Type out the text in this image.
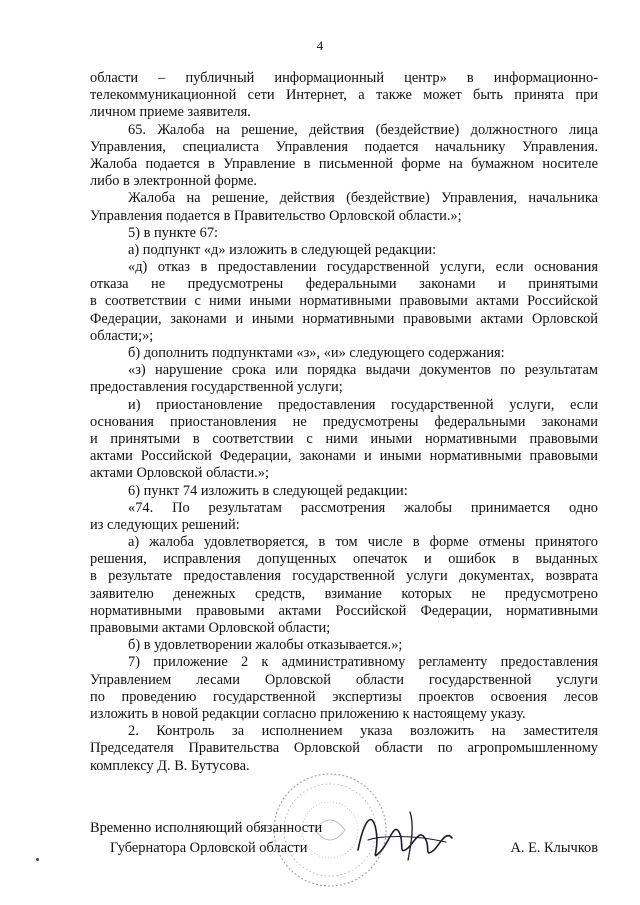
4
области – публичный информационный центр» в информационно-
телекоммуникационной сети Интернет, а также может быть принята при
личном приеме заявителя.
65. Жалоба на решение, действия (бездействие) должностного лица
Управления, специалиста Управления подается начальнику Управления.
Жалоба подается в Управление в письменной форме на бумажном носителе
либо в электронной форме.
Жалоба на решение, действия (бездействие) Управления, начальника
Управления подается в Правительство Орловской области.»;
5) в пункте 67:
а) подпункт «д» изложить в следующей редакции:
«д) отказ в предоставлении государственной услуги, если основания
отказа не предусмотрены федеральными законами и принятыми
в соответствии с ними иными нормативными правовыми актами Российской
Федерации, законами и иными нормативными правовыми актами Орловской
области;»;
б) дополнить подпунктами «з», «и» следующего содержания:
«з) нарушение срока или порядка выдачи документов по результатам
предоставления государственной услуги;
и) приостановление предоставления государственной услуги, если
основания приостановления не предусмотрены федеральными законами
и принятыми в соответствии с ними иными нормативными правовыми
актами Российской Федерации, законами и иными нормативными правовыми
актами Орловской области.»;
6) пункт 74 изложить в следующей редакции:
«74. По результатам рассмотрения жалобы принимается одно
из следующих решений:
а) жалоба удовлетворяется, в том числе в форме отмены принятого
решения, исправления допущенных опечаток и ошибок в выданных
в результате предоставления государственной услуги документах, возврата
заявителю денежных средств, взимание которых не предусмотрено
нормативными правовыми актами Российской Федерации, нормативными
правовыми актами Орловской области;
б) в удовлетворении жалобы отказывается.»;
7) приложение 2 к административному регламенту предоставления
Управлением лесами Орловской области государственной услуги
по проведению государственной экспертизы проектов освоения лесов
изложить в новой редакции согласно приложению к настоящему указу.
2. Контроль за исполнением указа возложить на заместителя
Председателя Правительства Орловской области по агропромышленному
комплексу Д. В. Бутусова.
Временно исполняющий обязанности
Губернатора Орловской области	А. Е. Клычков
